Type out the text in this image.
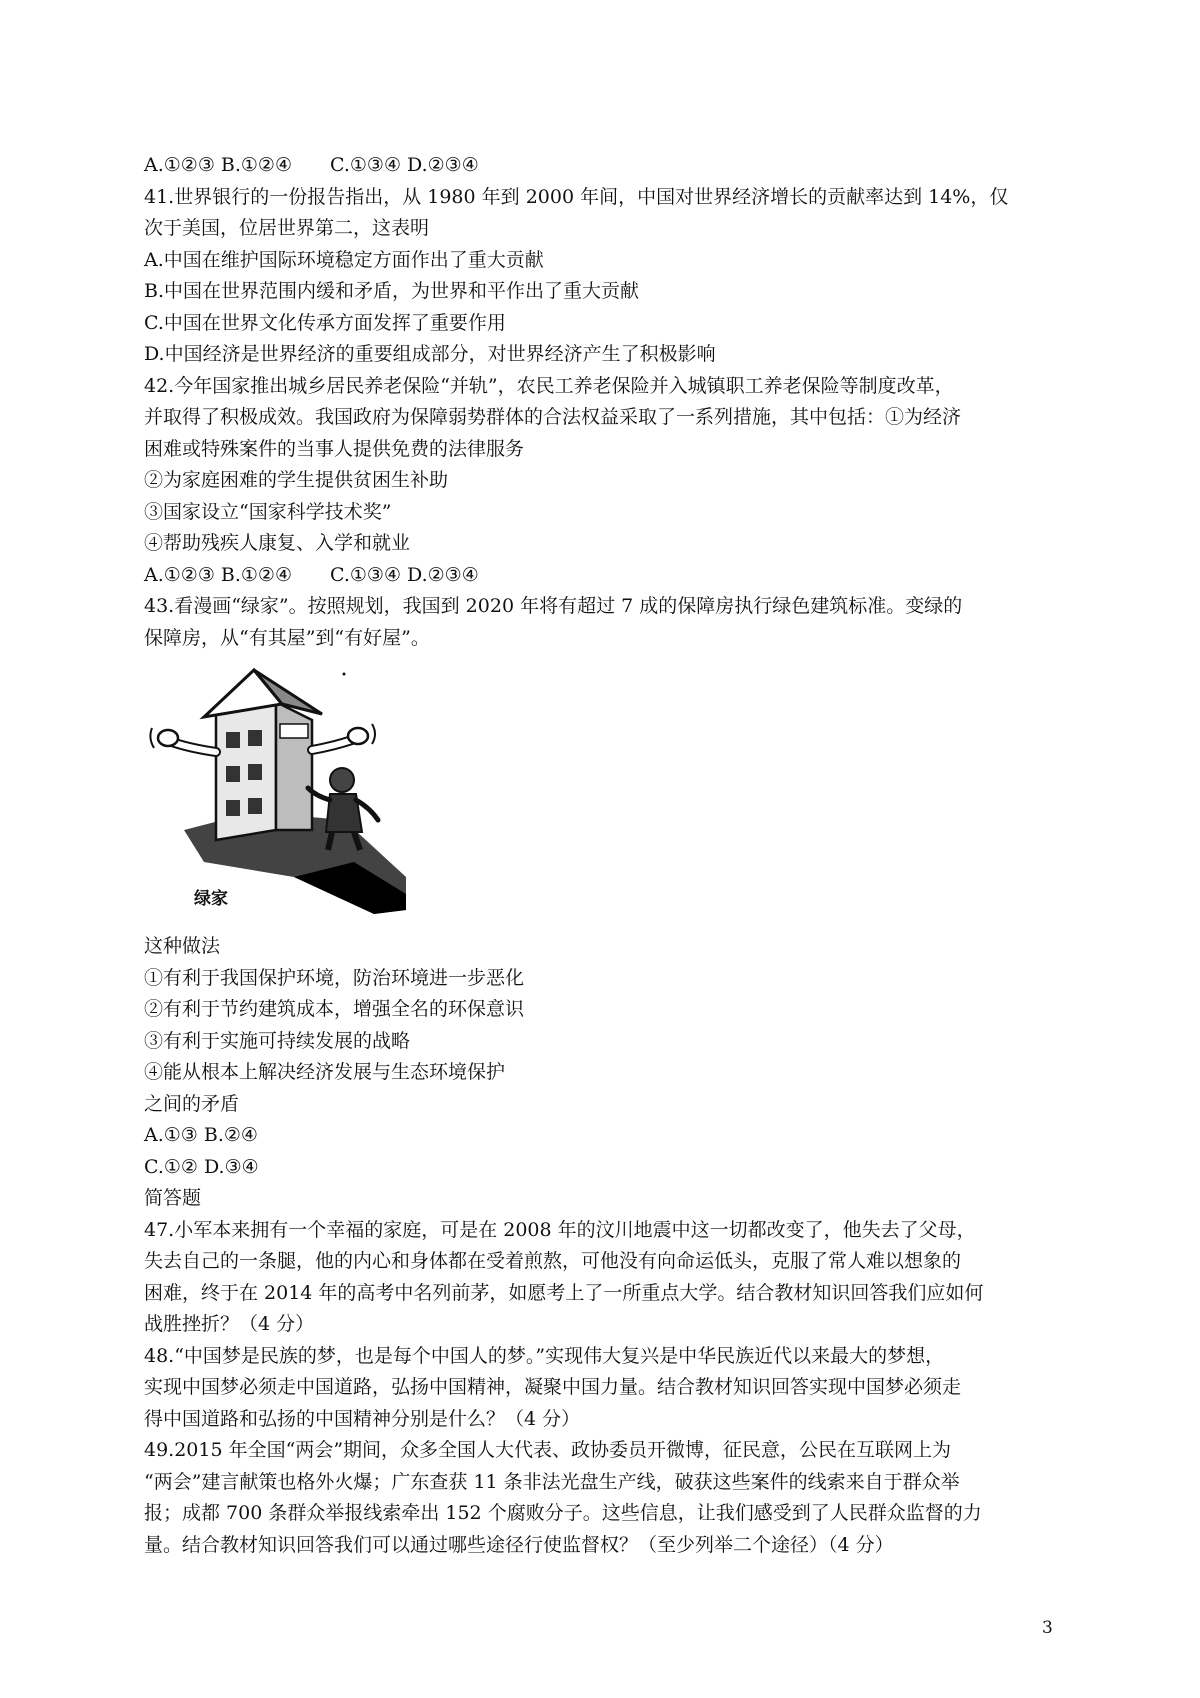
A.①②③ B.①②④　　C.①③④ D.②③④
41.世界银行的一份报告指出，从 1980 年到 2000 年间，中国对世界经济增长的贡献率达到 14%，仅
次于美国，位居世界第二，这表明
A.中国在维护国际环境稳定方面作出了重大贡献
B.中国在世界范围内缓和矛盾，为世界和平作出了重大贡献
C.中国在世界文化传承方面发挥了重要作用
D.中国经济是世界经济的重要组成部分，对世界经济产生了积极影响
42.今年国家推出城乡居民养老保险“并轨”，农民工养老保险并入城镇职工养老保险等制度改革，
并取得了积极成效。我国政府为保障弱势群体的合法权益采取了一系列措施，其中包括：①为经济
困难或特殊案件的当事人提供免费的法律服务
②为家庭困难的学生提供贫困生补助
③国家设立“国家科学技术奖”
④帮助残疾人康复、入学和就业
A.①②③ B.①②④　　C.①③④ D.②③④
43.看漫画“绿家”。按照规划，我国到 2020 年将有超过 7 成的保障房执行绿色建筑标准。变绿的
保障房，从“有其屋”到“有好屋”。
绿家
这种做法
①有利于我国保护环境，防治环境进一步恶化
②有利于节约建筑成本，增强全名的环保意识
③有利于实施可持续发展的战略
④能从根本上解决经济发展与生态环境保护
之间的矛盾
A.①③ B.②④
C.①② D.③④
简答题
47.小军本来拥有一个幸福的家庭，可是在 2008 年的汶川地震中这一切都改变了，他失去了父母，
失去自己的一条腿，他的内心和身体都在受着煎熬，可他没有向命运低头，克服了常人难以想象的
困难，终于在 2014 年的高考中名列前茅，如愿考上了一所重点大学。结合教材知识回答我们应如何
战胜挫折？（4 分）
48.“中国梦是民族的梦，也是每个中国人的梦。”实现伟大复兴是中华民族近代以来最大的梦想，
实现中国梦必须走中国道路，弘扬中国精神，凝聚中国力量。结合教材知识回答实现中国梦必须走
得中国道路和弘扬的中国精神分别是什么？（4 分）
49.2015 年全国“两会”期间，众多全国人大代表、政协委员开微博，征民意，公民在互联网上为
“两会”建言献策也格外火爆；广东查获 11 条非法光盘生产线，破获这些案件的线索来自于群众举
报；成都 700 条群众举报线索牵出 152 个腐败分子。这些信息，让我们感受到了人民群众监督的力
量。结合教材知识回答我们可以通过哪些途径行使监督权？（至少列举二个途径）（4 分）
3
